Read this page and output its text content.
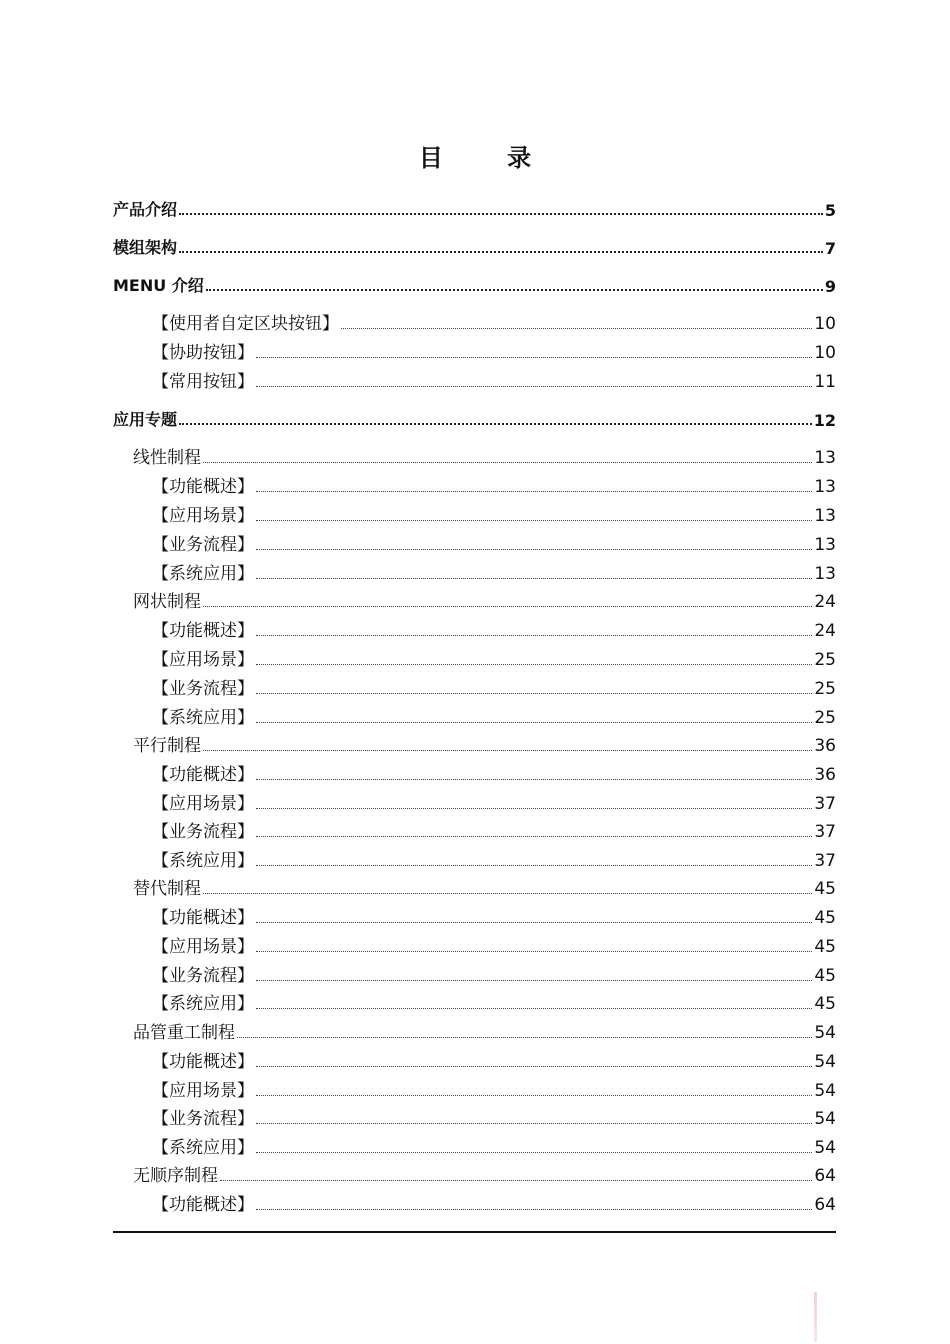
目 录
产品介绍	5
模组架构	7
MENU 介绍	9
【使用者自定区块按钮】	10
【协助按钮】	10
【常用按钮】	11
应用专题	12
线性制程	13
【功能概述】	13
【应用场景】	13
【业务流程】	13
【系统应用】	13
网状制程	24
【功能概述】	24
【应用场景】	25
【业务流程】	25
【系统应用】	25
平行制程	36
【功能概述】	36
【应用场景】	37
【业务流程】	37
【系统应用】	37
替代制程	45
【功能概述】	45
【应用场景】	45
【业务流程】	45
【系统应用】	45
品管重工制程	54
【功能概述】	54
【应用场景】	54
【业务流程】	54
【系统应用】	54
无顺序制程	64
【功能概述】	64
